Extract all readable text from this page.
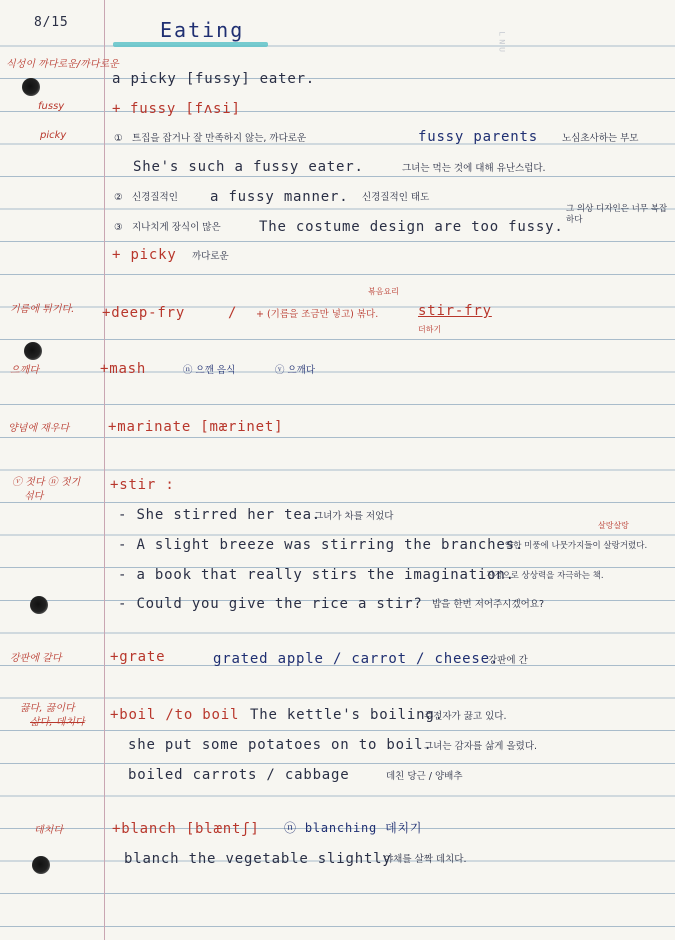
ᴸᴺᵁ
8/15	Eating
식성이 까다로운/까다로운
fussy
picky
a picky [fussy] eater.
+ fussy [fʌsi]
① 트집을 잡거나 잘 만족하지 않는, 까다로운	fussy parents	노심초사하는 부모
She's such a fussy eater.	그녀는 먹는 것에 대해 유난스럽다.
② 신경질적인 a fussy manner. 신경질적인 태도
③ 지나치게 장식이 많은	The costume design are too fussy.
그 의상 디자인은 너무 복잡하다
+ picky 까다로운
기름에 튀기다. +deep-fry	/ + (기름을 조금만 넣고) 볶다.
볶음요리
stir-fry
더하기
으깨다	+mash	ⓝ 으깬 음식	ⓥ 으깨다
양념에 재우다	+marinate [mærinet]
ⓥ 젓다 ⓝ 젓기
섞다
+stir :
- She stirred her tea.
그녀가 차를 저었다
- A slight breeze was stirring the branches.
약한 미풍에 나뭇가지들이 살랑거렸다.
살랑살랑
- a book that really stirs the imagination.
진정으로 상상력을 자극하는 책.
- Could you give the rice a stir? 밥을 한번 저어주시겠어요?
강판에 갈다	+grate	grated apple / carrot / cheese.
강판에 간
끓다, 끓이다
삶다, 데치다 +boil /to boil The kettle's boiling.
주전자가 끓고 있다.
she put some potatoes on to boil.
그녀는 감자를 삶게 올렸다.
boiled carrots / cabbage	데친 당근 / 양배추
데치다	+blanch [blæntʃ] ⓝ blanching 데치기
blanch the vegetable slightly
야채를 살짝 데치다.
